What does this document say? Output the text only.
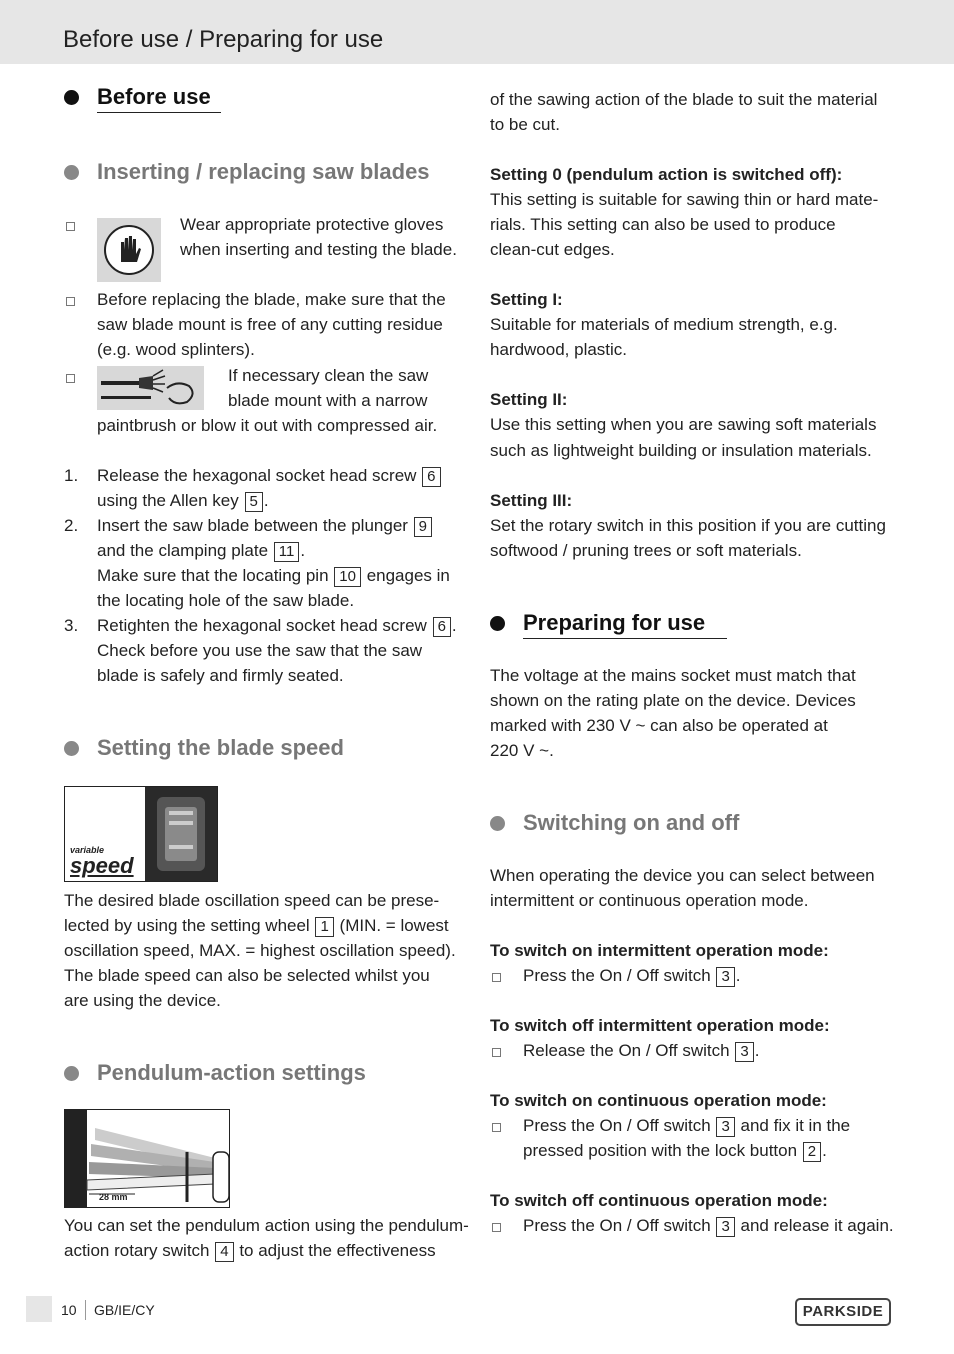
Before use / Preparing for use
Before use
Inserting / replacing saw blades
Wear appropriate protective gloves
when inserting and testing the blade.
Before replacing the blade, make sure that the
saw blade mount is free of any cutting residue
(e.g. wood splinters).
If necessary clean the saw
blade mount with a narrow
paintbrush or blow it out with compressed air.
1. Release the hexagonal socket head screw 6
using the Allen key 5 .
2. Insert the saw blade between the plunger 9
and the clamping plate 11 .
Make sure that the locating pin 10 engages in
the locating hole of the saw blade.
3. Retighten the hexagonal socket head screw 6 .
Check before you use the saw that the saw
blade is safely and firmly seated.
Setting the blade speed
variable
speed
The desired blade oscillation speed can be prese-
lected by using the setting wheel 1 (MIN. = lowest
oscillation speed, MAX. = highest oscillation speed).
The blade speed can also be selected whilst you
are using the device.
Pendulum-action settings
28 mm
You can set the pendulum action using the pendulum-
action rotary switch 4 to adjust the effectiveness
of the sawing action of the blade to suit the material
to be cut.
Setting 0 (pendulum action is switched off):
This setting is suitable for sawing thin or hard mate-
rials. This setting can also be used to produce
clean-cut edges.
Setting I:
Suitable for materials of medium strength, e.g.
hardwood, plastic.
Setting II:
Use this setting when you are sawing soft materials
such as lightweight building or insulation materials.
Setting III:
Set the rotary switch in this position if you are cutting
softwood / pruning trees or soft materials.
Preparing for use
The voltage at the mains socket must match that
shown on the rating plate on the device. Devices
marked with 230 V ~ can also be operated at
220 V ~.
Switching on and off
When operating the device you can select between
intermittent or continuous operation mode.
To switch on intermittent operation mode:
Press the On / Off switch 3 .
To switch off intermittent operation mode:
Release the On / Off switch 3 .
To switch on continuous operation mode:
Press the On / Off switch 3 and fix it in the
pressed position with the lock button 2 .
To switch off continuous operation mode:
Press the On / Off switch 3 and release it again.
10 GB/IE/CY	PARKSIDE
